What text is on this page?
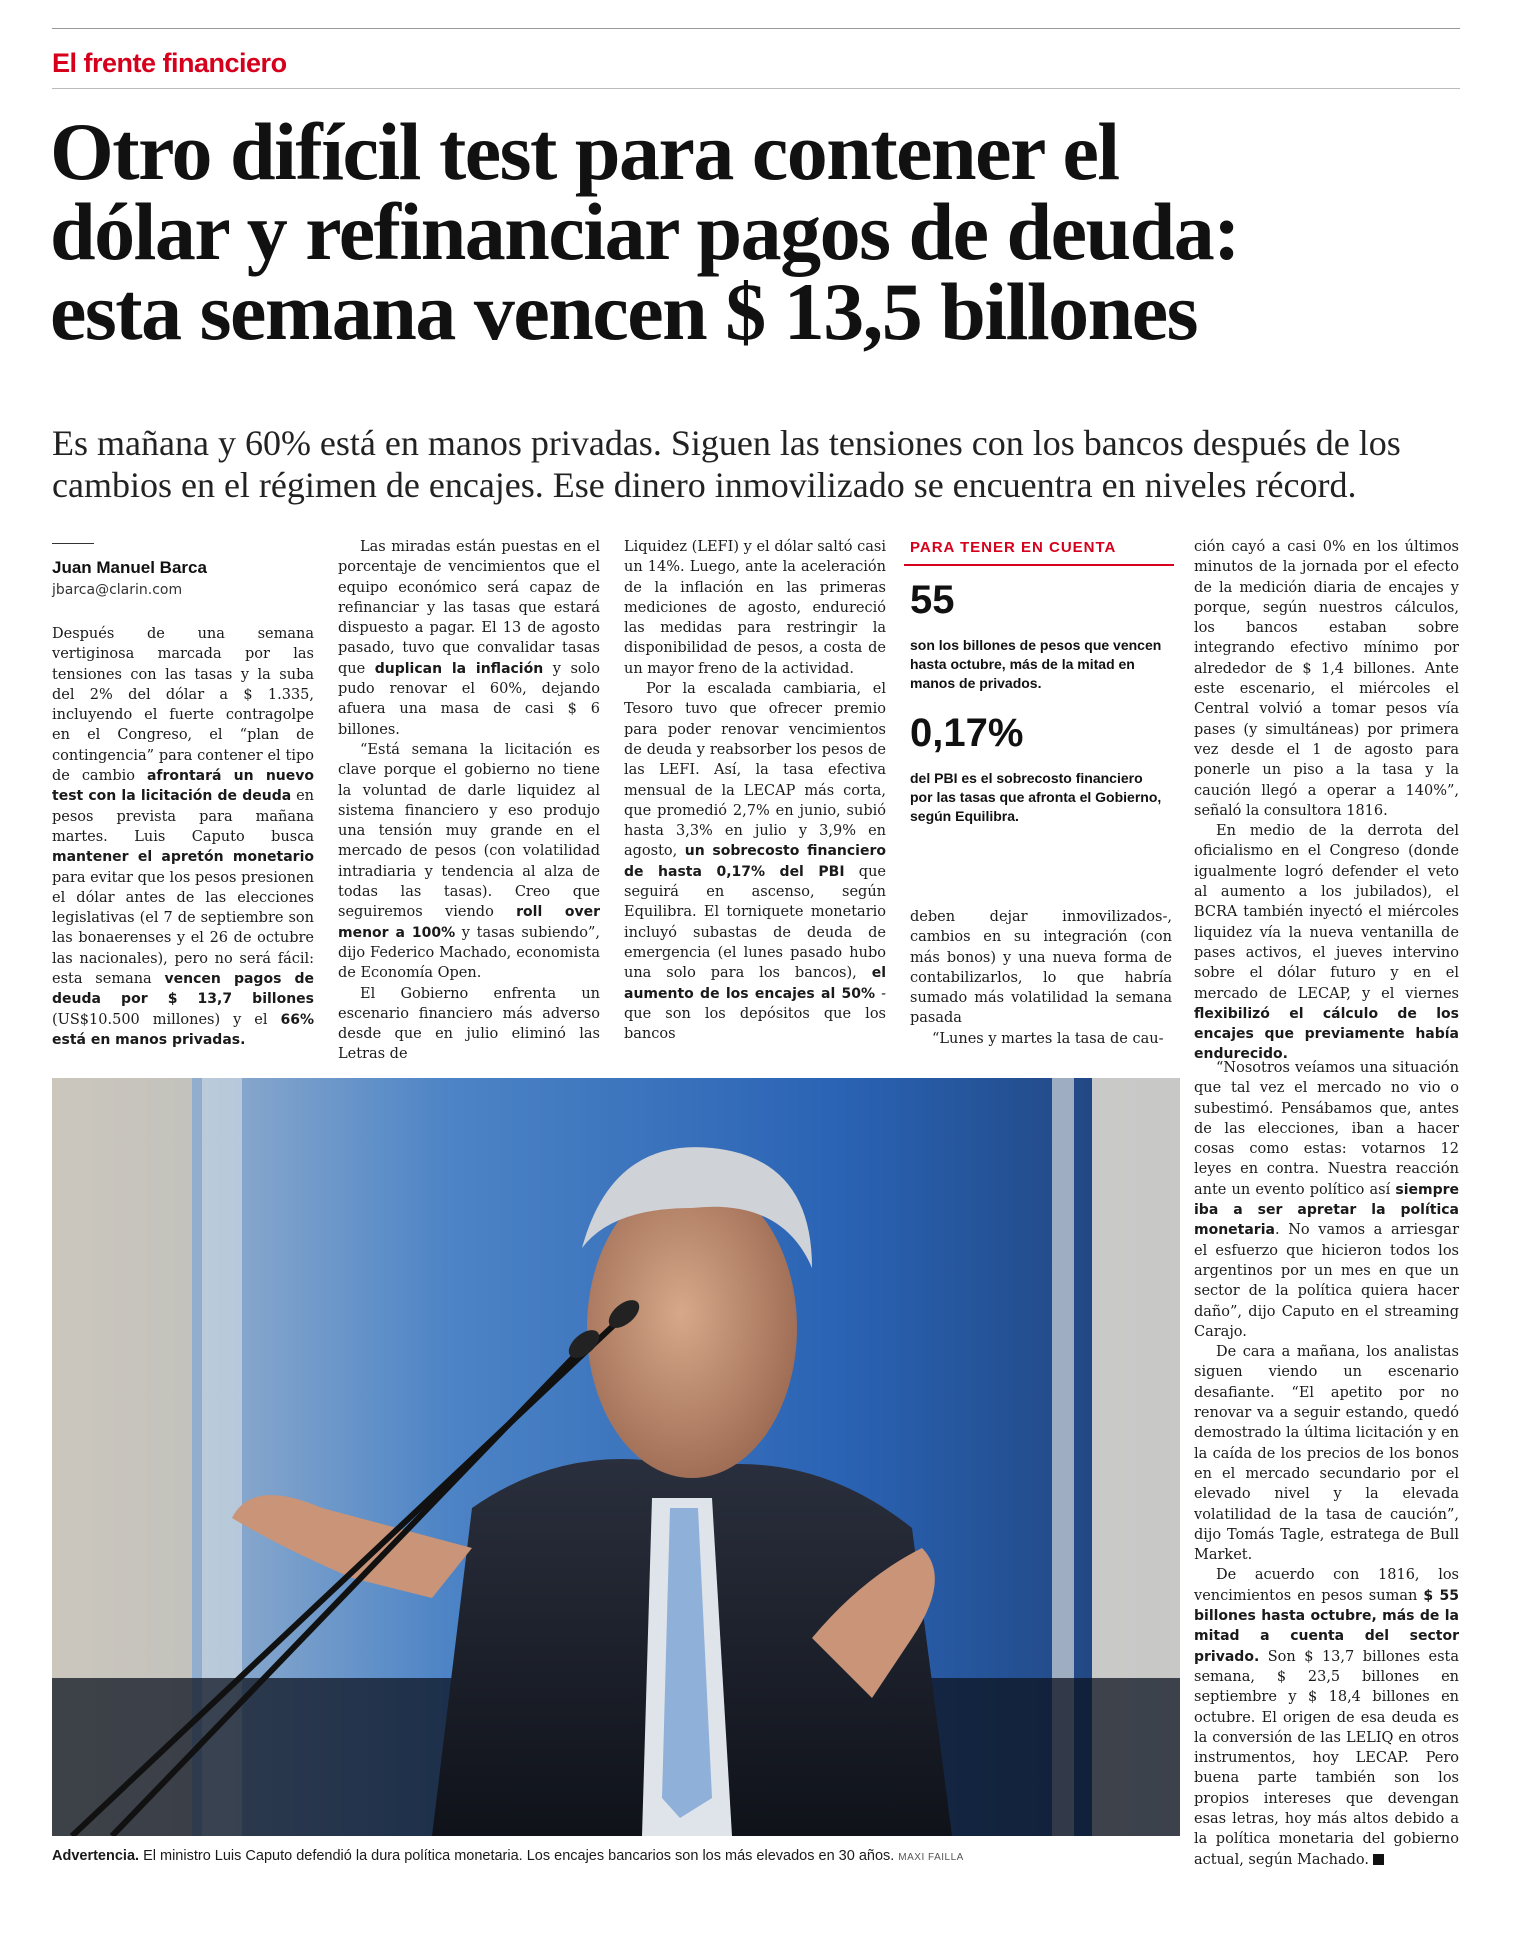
El frente financiero
Otro difícil test para contener el
dólar y refinanciar pagos de deuda:
esta semana vencen $ 13,5 billones
Es mañana y 60% está en manos privadas. Siguen las tensiones con los bancos después de los
cambios en el régimen de encajes. Ese dinero inmovilizado se encuentra en niveles récord.
Juan Manuel Barca
jbarca@clarin.com

Después de una semana vertiginosa marcada por las tensiones con las tasas y la suba del 2% del dólar a $ 1.335, incluyendo el fuerte contragolpe en el Congreso, el “plan de contingencia” para contener el tipo de cambio afrontará un nuevo test con la licitación de deuda en pesos prevista para mañana martes. Luis Caputo busca mantener el apretón monetario para evitar que los pesos presionen el dólar antes de las elecciones legislativas (el 7 de septiembre son las bonaerenses y el 26 de octubre las nacionales), pero no será fácil: esta semana vencen pagos de deuda por $ 13,7 billones (US$10.500 millones) y el 66% está en manos privadas.

Las miradas están puestas en el porcentaje de vencimientos que el equipo económico será capaz de refinanciar y las tasas que estará dispuesto a pagar. El 13 de agosto pasado, tuvo que convalidar tasas que duplican la inflación y solo pudo renovar el 60%, dejando afuera una masa de casi $ 6 billones.

“Está semana la licitación es clave porque el gobierno no tiene la voluntad de darle liquidez al sistema financiero y eso produjo una tensión muy grande en el mercado de pesos (con volatilidad intradiaria y tendencia al alza de todas las tasas). Creo que seguiremos viendo roll over menor a 100% y tasas subiendo”, dijo Federico Machado, economista de Economía Open.

El Gobierno enfrenta un escenario financiero más adverso desde que en julio eliminó las Letras de

Liquidez (LEFI) y el dólar saltó casi un 14%. Luego, ante la aceleración de la inflación en las primeras mediciones de agosto, endureció las medidas para restringir la disponibilidad de pesos, a costa de un mayor freno de la actividad.

Por la escalada cambiaria, el Tesoro tuvo que ofrecer premio para poder renovar vencimientos de deuda y reabsorber los pesos de las LEFI. Así, la tasa efectiva mensual de la LECAP más corta, que promedió 2,7% en junio, subió hasta 3,3% en julio y 3,9% en agosto, un sobrecosto financiero de hasta 0,17% del PBI que seguirá en ascenso, según Equilibra. El torniquete monetario incluyó subastas de deuda de emergencia (el lunes pasado hubo una solo para los bancos), el aumento de los encajes al 50% -que son los depósitos que los bancos

PARA TENER EN CUENTA
55
son los billones de pesos que vencen hasta octubre, más de la mitad en manos de privados.
0,17%
del PBI es el sobrecosto financiero por las tasas que afronta el Gobierno, según Equilibra.

deben dejar inmovilizados-, cambios en su integración (con más bonos) y una nueva forma de contabilizarlos, lo que habría sumado más volatilidad la semana pasada

“Lunes y martes la tasa de cau-

ción cayó a casi 0% en los últimos minutos de la jornada por el efecto de la medición diaria de encajes y porque, según nuestros cálculos, los bancos estaban sobre integrando efectivo mínimo por alrededor de $ 1,4 billones. Ante este escenario, el miércoles el Central volvió a tomar pesos vía pases (y simultáneas) por primera vez desde el 1 de agosto para ponerle un piso a la tasa y la caución llegó a operar a 140%”, señaló la consultora 1816.

En medio de la derrota del oficialismo en el Congreso (donde igualmente logró defender el veto al aumento a los jubilados), el BCRA también inyectó el miércoles liquidez vía la nueva ventanilla de pases activos, el jueves intervino sobre el dólar futuro y en el mercado de LECAP, y el viernes flexibilizó el cálculo de los encajes que previamente había endurecido.

“Nosotros veíamos una situación que tal vez el mercado no vio o subestimó. Pensábamos que, antes de las elecciones, iban a hacer cosas como estas: votarnos 12 leyes en contra. Nuestra reacción ante un evento político así siempre iba a ser apretar la política monetaria. No vamos a arriesgar el esfuerzo que hicieron todos los argentinos por un mes en que un sector de la política quiera hacer daño”, dijo Caputo en el streaming Carajo.

De cara a mañana, los analistas siguen viendo un escenario desafiante. “El apetito por no renovar va a seguir estando, quedó demostrado la última licitación y en la caída de los precios de los bonos en el mercado secundario por el elevado nivel y la elevada volatilidad de la tasa de caución”, dijo Tomás Tagle, estratega de Bull Market.

De acuerdo con 1816, los vencimientos en pesos suman $ 55 billones hasta octubre, más de la mitad a cuenta del sector privado. Son $ 13,7 billones esta semana, $ 23,5 billones en septiembre y $ 18,4 billones en octubre. El origen de esa deuda es la conversión de las LELIQ en otros instrumentos, hoy LECAP. Pero buena parte también son los propios intereses que devengan esas letras, hoy más altos debido a la política monetaria del gobierno actual, según Machado.

Advertencia. El ministro Luis Caputo defendió la dura política monetaria. Los encajes bancarios son los más elevados en 30 años. MAXI FAILLA
